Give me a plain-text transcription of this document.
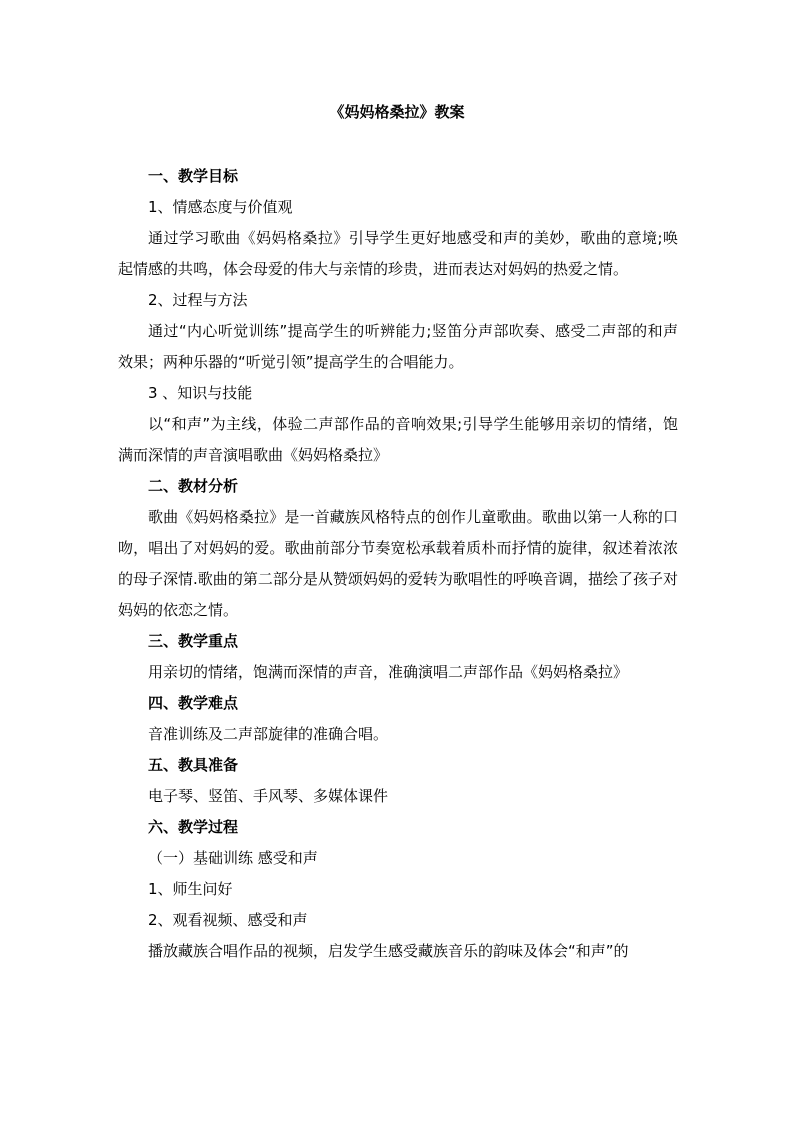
《妈妈格桑拉》教案
一、教学目标
1、情感态度与价值观
通过学习歌曲《妈妈格桑拉》引导学生更好地感受和声的美妙，歌曲的意境;唤起情感的共鸣，体会母爱的伟大与亲情的珍贵，进而表达对妈妈的热爱之情。
2、过程与方法
通过“内心听觉训练”提高学生的听辨能力;竖笛分声部吹奏、感受二声部的和声效果；两种乐器的“听觉引领”提高学生的合唱能力。
3 、知识与技能
以“和声”为主线，体验二声部作品的音响效果;引导学生能够用亲切的情绪，饱满而深情的声音演唱歌曲《妈妈格桑拉》
二、教材分析
歌曲《妈妈格桑拉》是一首藏族风格特点的创作儿童歌曲。歌曲以第一人称的口吻，唱出了对妈妈的爱。歌曲前部分节奏宽松承载着质朴而抒情的旋律，叙述着浓浓的母子深情.歌曲的第二部分是从赞颂妈妈的爱转为歌唱性的呼唤音调，描绘了孩子对妈妈的依恋之情。
三、教学重点
用亲切的情绪，饱满而深情的声音，准确演唱二声部作品《妈妈格桑拉》
四、教学难点
音准训练及二声部旋律的准确合唱。
五、教具准备
电子琴、竖笛、手风琴、多媒体课件
六、教学过程
（一）基础训练 感受和声
1、师生问好
2、观看视频、感受和声
播放藏族合唱作品的视频，启发学生感受藏族音乐的韵味及体会“和声”的
